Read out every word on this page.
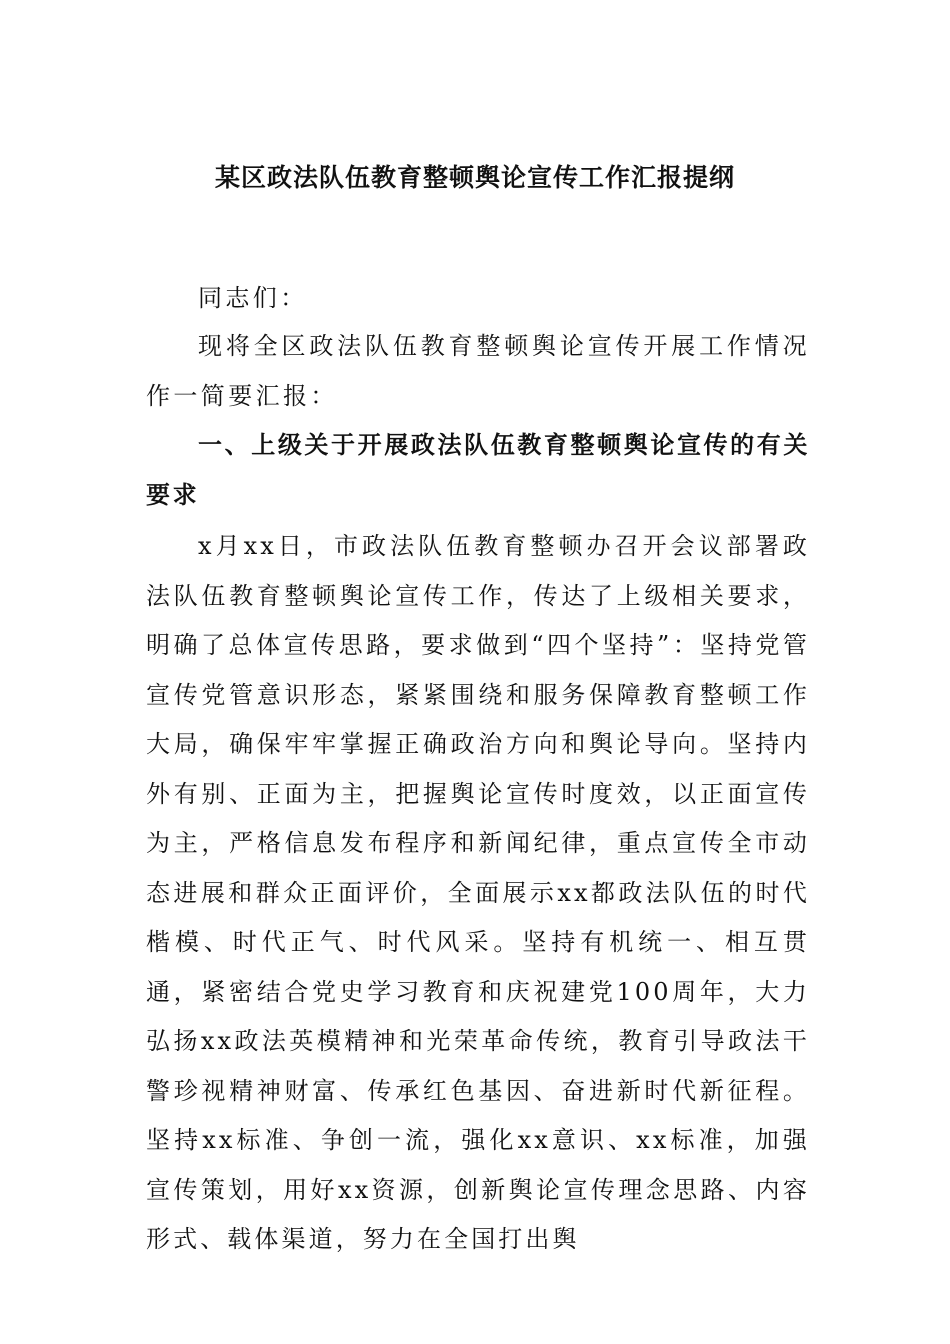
某区政法队伍教育整顿舆论宣传工作汇报提纲
同志们：
现将全区政法队伍教育整顿舆论宣传开展工作情况作一简要汇报：
一、上级关于开展政法队伍教育整顿舆论宣传的有关要求
x月xx日，市政法队伍教育整顿办召开会议部署政法队伍教育整顿舆论宣传工作，传达了上级相关要求，明确了总体宣传思路，要求做到“四个坚持”：坚持党管宣传党管意识形态，紧紧围绕和服务保障教育整顿工作大局，确保牢牢掌握正确政治方向和舆论导向。坚持内外有别、正面为主，把握舆论宣传时度效，以正面宣传为主，严格信息发布程序和新闻纪律，重点宣传全市动态进展和群众正面评价，全面展示xx都政法队伍的时代楷模、时代正气、时代风采。坚持有机统一、相互贯通，紧密结合党史学习教育和庆祝建党100周年，大力弘扬xx政法英模精神和光荣革命传统，教育引导政法干警珍视精神财富、传承红色基因、奋进新时代新征程。坚持xx标准、争创一流，强化xx意识、xx标准，加强宣传策划，用好xx资源，创新舆论宣传理念思路、内容形式、载体渠道，努力在全国打出舆
